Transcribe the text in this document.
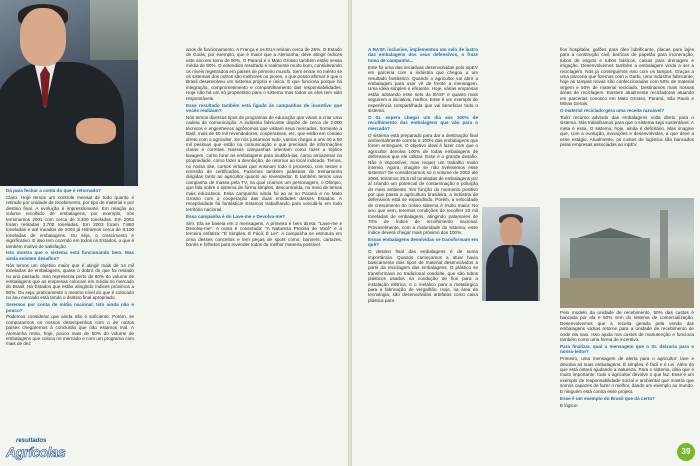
Dá para fechar a conta do que é retornado?

Claro. Hoje temos um controle mensal de tudo quanto é retirado por unidade de recebimento, por tipo de material e por destino final. A evolução é impressionante. Em relação ao volume recolhido de embalagens, por exemplo, nós terminamos 2001 com cerca de 3.300 toneladas. Em 2002 foram retiradas 3.700 toneladas. Em 2003 foram 7.860 toneladas e até meados de 2004 já retiramos cerca de 8.100 toneladas de embalagens. Ou seja, o crescimento é significativo. E isso tem ocorrido em todos os Estados, o que é também motivo de satisfação.

Isto mostra que o sistema está funcionando bem. Mas ainda existem desafios?

Nós temos um objetivo maior que é atingir mais de 14 mil toneladas de embalagens, quase o dobro do que foi retirado no ano passado. Isso representa perto de 60% do volume de embalagens que as empresas colocam em média no mercado do Brasil. Há Estados que estão atingindo índices próximos a 90%. Ou seja, praticamente o mesmo nível do que é colocado no seu mercado está tendo o destino final apropriado.

Seremos por conta de mídia nacional. Isto ainda não é pouco?

Podemos considerar que ainda não é suficiente. Porém, se compararmos os nossos desempenhos com o de outros países chegaremos à conclusão que não estamos mal. A Alemanha retira, hoje, pouco mais de 50% do volume de embalagens que coloca no mercado e com um programa com mais de dez

anos de funcionamento. A França e os EUA retiram cerca de 25%. O Estado de Goiás, por exemplo, que é maior que a Alemanha, deve atingir índices este ano em torno de 90%. O Paraná e o Mato Grosso também estão nessa média de 90%. O entendido resultado é realmente muito bom, considerando os níveis registrados em países de primeiro mundo. Sem entrar no mérito se os sistemas dos outros são melhores ou piores, o que posso afirmar é que o Brasil desenvolveu um sistema próprio e único. É que funciona porque há integração, comprometimento e compartilhamento das responsabilidades. Hoje não há um só proprietário para o sistema mas todos os elos tem sido responsáveis.

Esse resultado também está ligado às campanhas de incentivo que vocês realizam?

Nós temos diversos tipos de programas de educação que visam a criar uma cadeia de comunicação. A indústria fabricante dispõe de cerca de 2.000 técnicos e engenheiros agrônomos que visitam seus mercados. Somente a Basf, mais de 50 mil revendedores, cooperativas, etc, que estão em contato direto com o agricultor. Se nós juntarmos tudo, vamos chegar a uns 40 a 50 mil pessoas que estão na comunicação e que precisam de informações claras e corretas. Nossos campanhas orientam como fazer a tríplice lavagem, como furar as embalagens para inutilizá-las, como armazenar na propriedade, como fazer a devolução, de retornar ao local indicado. Temos, no nosso site, cursos virtuais que ensinam todo o processo, com testes e emissão de certificados. Fazemos também palestras de treinamento dirigidas tanto ao agricultor quanto ao revendedor. E também temos uma campanha de massa pela TV, na qual criamos um personagem, o Olimpio, que fala sobre o sistema de forma simples, descontraída, no meio de temas mais educativos. Essa campanha ainda foi ao ar no Paraná e no Mato Grosso com a cooperação das duas entidades desses Estados. A receptividade foi fantástica! Estamos trabalhando para veiculá-la em todo território nacional.

Essa campanha é do Lave-me e Devolva-me?

Sim. Ela se baseia em 2 mensagens. A primeira é bem direta: "Lave-me e Devolva-me". A outra é conectada: "A Natureza Precisa de Você" e a terceira enfatiza: "É Simples, É Fácil, É Lei". A campanha se estrutura em cima desses conceitos e tem peças de spots como, banners, cartazes, bonés e folhetos para revender todos da melhor maneira possível.

resultados
Agrícolas

A BASF, inclusive, implementou um selo de lastro das embalagens dos seus defensivos, o fraze toma de campanha...

Este foi uma das iniciativas desenvolvidas pelo inpEV em parceria com a indústria que chegou a um resultado fantástico. Quando o agricultor vai abrir a embalagem para usar vê de frente a mensagem. Uma ideia simples e eficiente. Hoje, várias empresas estão adotando esse selo da BASF e quanto mais seguirem a iniciativa, melhor. Esse é um exemplo de experiência compartilhada que vai beneficiar todo o sistema.

O Sr. espera chegar um dia aos 100% de recolhimento das embalagens que vão para o mercado?

O sistema está preparado para dar a destinação final ambientalmente correta a 100% das embalagens que forem entregues. O objetivo ideal é fazer com que o agricultor devolva 100% de todas embalagens de defensivos que ele utilizar. Esse é o grande desafio. Não é impossível, mas requer um trabalho muito intenso. Agora, imagine se não tivéssemos esse sistema? Se considerarmos só o volume de 2002 até 2004, teríamos 25,5 mil toneladas de embalagens por aí criando um potencial de contaminação e poluição do meio ambiente. Em função do momento positivo por que passa a agricultura brasileira, a indústria de defensivos está se expandindo. Porém, a velocidade de crescimento do nosso sistema é muito maior. No ano que vem, teremos condições de recolher 20 mil toneladas de embalagens, atingindo patamares de 70% de índice de recolhimento nacional. Provavelmente, com a maturidade do sistema, esse índice deverá chegar mais próximo dos 100%.

Essas embalagens devolvidas se transformam em quê?

O destino final das embalagens é de suma importância. Quando começamos a atuar havia basicamente dois tipos de material desenvolvidos a partir da reciclagem das embalagens. O plástico se transformava no tradicional conduite, que são tubos plásticos usados na condução de fios para a instalação elétrica, e o metálico para a metalúrgica para a fabricação de vergalhão. Hoje, na área de tecnologia, são desenvolvidos artefatos como caixa plástica para

fios hospitalar, galões para óleo lubrificante, placas para lajes para a construção civil, barricas de papelão para incineração, tubos de esgoto e tubos básicos, caixas para drenagem e irrigação. Desenvolvemos também a embalagem vinda a ser a reciclagem. Nós já conseguimos isso com os tampos. Graças a uma parceria que fizemos com a Garbi, uma indústria fabricante, hoje as tampas novas são confeccionadas com 50% de material virgem e 50% de material reciclado. Destinamos mais nossas áreas de reciclagem. Existem atualmente recicladoras atuando em parcerias conosco em Mato Grosso, Paraná, São Paulo e Minas Gerais.

O material reciclado gera uma receita razoável?

Todo recurso advindo das embalagens volta direto para o sistema. Nós trabalhamos para que o sistema seja sustentável. A meta é essa, O sistema, hoje, ainda é deficitário. Mas imagine que, com a evolução, inovações e desenvolvidas, a que deve a esse estágio. Atualmente, os custos de logística são bancados pelas empresas associadas ao inpEV.

Pelo modelo da unidade de recebimento, 50% das custos é bancada por ela e 50% vem do sistema de comercialização. Desenvolvemos que a receita gerada pela venda das embalagens vazias retorne para a unidade de recebimento de onde ela saiu. Isso ajuda nos custos de manutenção e funciona também como uma forma de incentivo.

Para finalizar, qual a mensagem que o Sr. deixaria para o nosso leitor?

Primeiro, uma mensagem de alerta para o agricultor: lave e devolva as suas embalagens. É simples, é fácil e é Lei. Além do que está estará ajudando a natureza. Para o sistema, diria que é muito importante: todo o agricultor devolve o que faz. Esse é um exemplo de responsabilidade social e ambiental que mostra que somos capazes de fazer o melhor, dando um exemplo ao mundo. E ninguém está contra esse projeto.

Esse é um exemplo do Brasil que dá certo?

É lógico!

39
